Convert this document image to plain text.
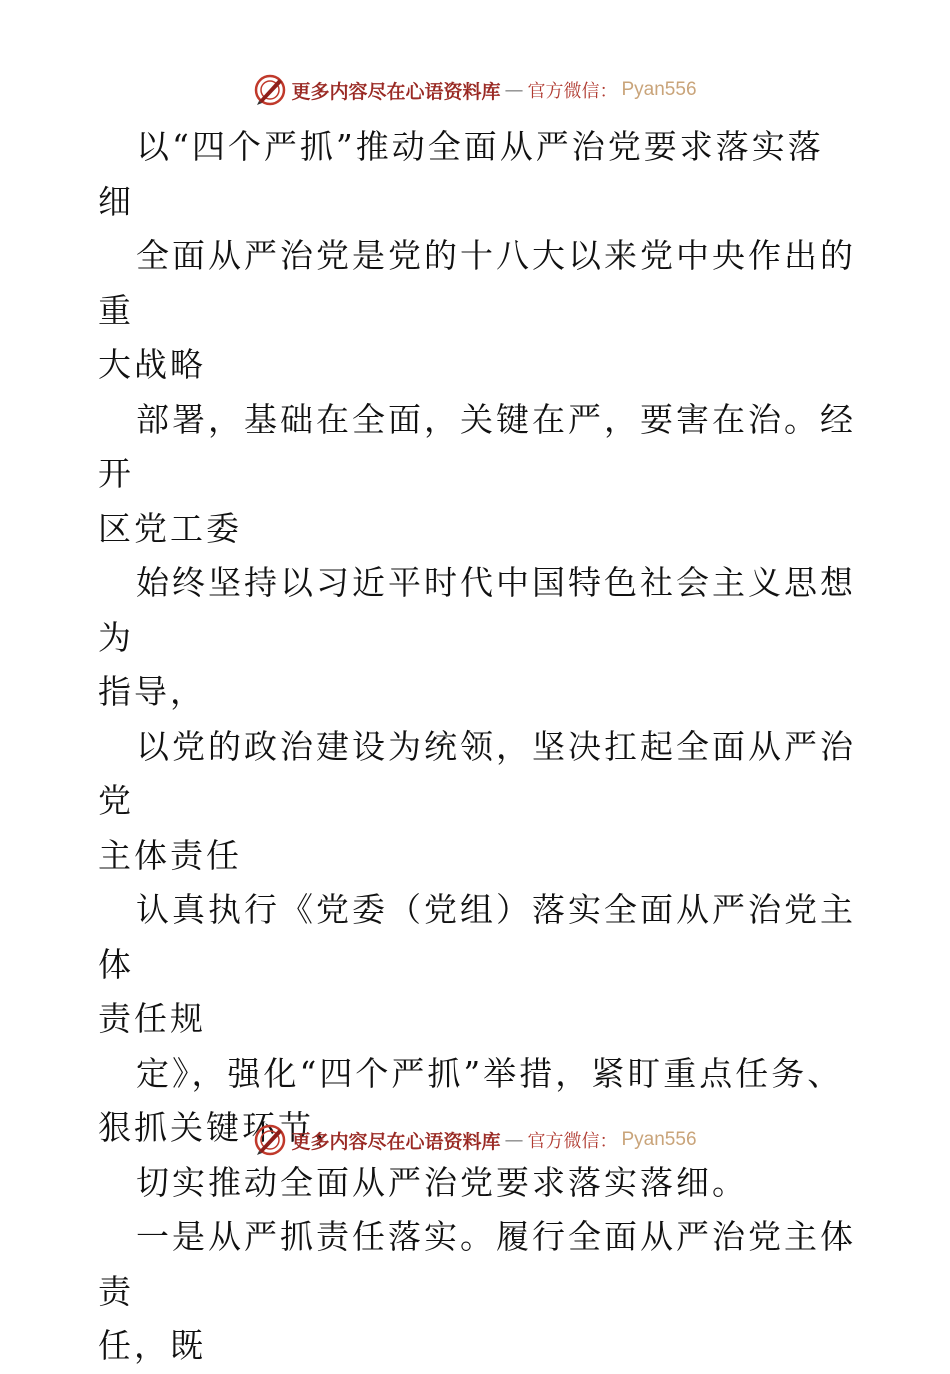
更多内容尽在心语资料库 — 官方微信： Pyan556

以“四个严抓”推动全面从严治党要求落实落细

全面从严治党是党的十八大以来党中央作出的重
大战略

部署，基础在全面，关键在严，要害在治。经开
区党工委

始终坚持以习近平时代中国特色社会主义思想为
指导，

以党的政治建设为统领，坚决扛起全面从严治党
主体责任

认真执行《党委（党组）落实全面从严治党主体
责任规

定》，强化“四个严抓”举措，紧盯重点任务、
狠抓关键环节，

切实推动全面从严治党要求落实落细。

一是从严抓责任落实。履行全面从严治党主体责
任，既

更多内容尽在心语资料库 — 官方微信： Pyan556
